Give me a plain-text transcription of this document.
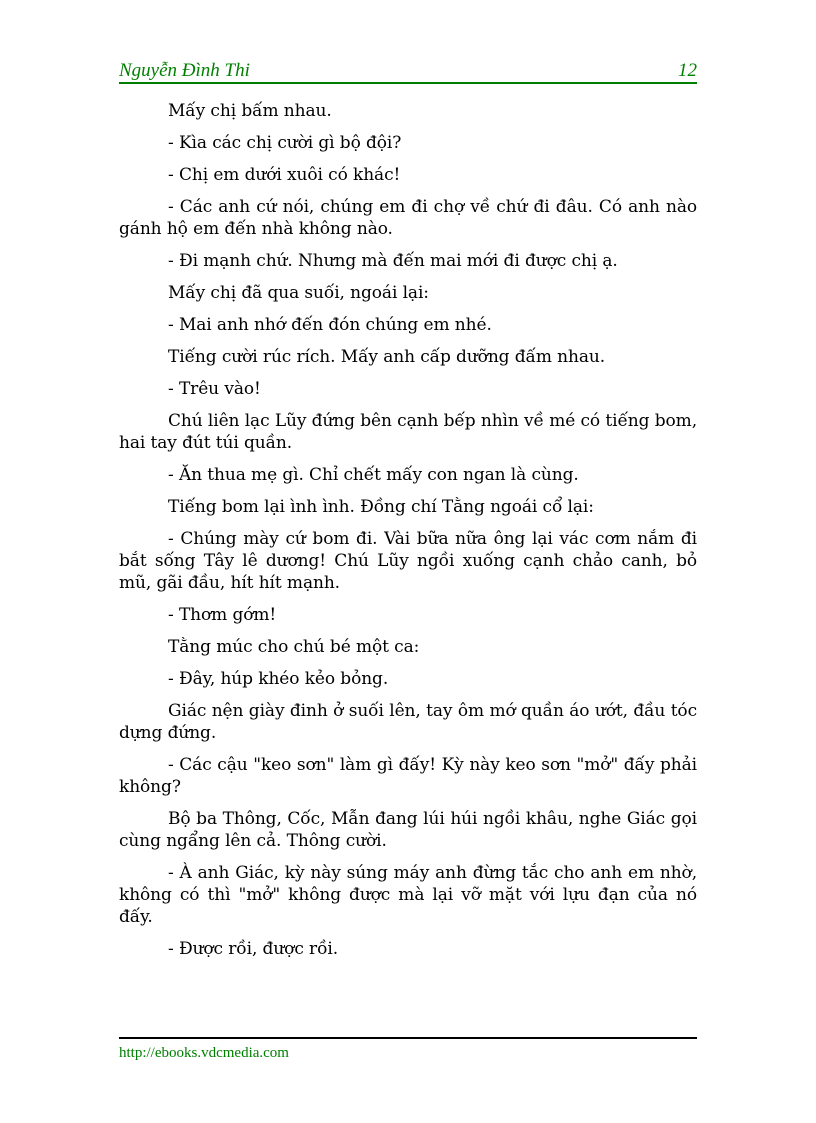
Nguyễn Đình Thi	12

Mấy chị bấm nhau.

- Kìa các chị cười gì bộ đội?

- Chị em dưới xuôi có khác!

- Các anh cứ nói, chúng em đi chợ về chứ đi đâu. Có anh nào gánh hộ em đến nhà không nào.

- Đi mạnh chứ. Nhưng mà đến mai mới đi được chị ạ.

Mấy chị đã qua suối, ngoái lại:

- Mai anh nhớ đến đón chúng em nhé.

Tiếng cười rúc rích. Mấy anh cấp dưỡng đấm nhau.

- Trêu vào!

Chú liên lạc Lũy đứng bên cạnh bếp nhìn về mé có tiếng bom, hai tay đút túi quần.

- Ăn thua mẹ gì. Chỉ chết mấy con ngan là cùng.

Tiếng bom lại ình ình. Đồng chí Tằng ngoái cổ lại:

- Chúng mày cứ bom đi. Vài bữa nữa ông lại vác cơm nắm đi bắt sống Tây lê dương! Chú Lũy ngồi xuống cạnh chảo canh, bỏ mũ, gãi đầu, hít hít mạnh.

- Thơm gớm!

Tằng múc cho chú bé một ca:

- Đây, húp khéo kẻo bỏng.

Giác nện giày đinh ở suối lên, tay ôm mớ quần áo ướt, đầu tóc dựng đứng.

- Các cậu "keo sơn" làm gì đấy! Kỳ này keo sơn "mở" đấy phải không?

Bộ ba Thông, Cốc, Mẫn đang lúi húi ngồi khâu, nghe Giác gọi cùng ngẩng lên cả. Thông cười.

- À anh Giác, kỳ này súng máy anh đừng tắc cho anh em nhờ, không có thì "mở" không được mà lại vỡ mặt với lựu đạn của nó đấy.

- Được rồi, được rồi.

http://ebooks.vdcmedia.com
